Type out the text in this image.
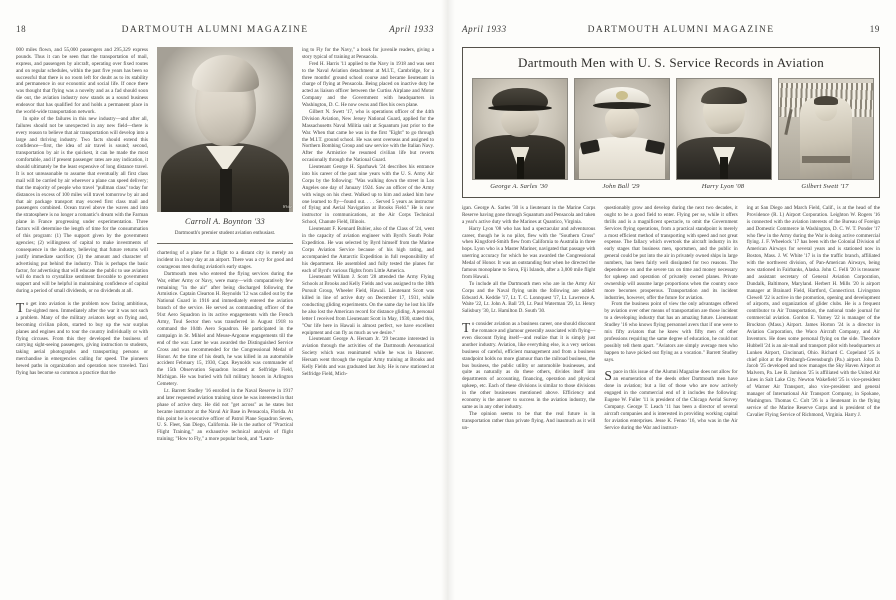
18	DARTMOUTH ALUMNI MAGAZINE	April 1933

000 miles flown, and 55,000 passengers and 295,329 express pounds. Thus it can be seen that the transportation of mail, express, and passengers by aircraft, operating over fixed routes and on regular schedules, within the past five years has been so successful that there is no room left for doubt as to its stability and permanence in our economic and social life. If once there was thought that flying was a novelty and as a fad should soon die out, the aviation industry now stands as a sound business endeavor that has qualified for and holds a permanent place in the world-wide transportation network.

In spite of the failures in this new industry—and after all, failures should not be unexpected in any new field—there is every reason to believe that air transportation will develop into a large and thriving industry. Two facts should extend this confidence—first, the idea of air travel is sound; second, transportation by air is the quickest, it can be made the most comfortable, and if present passenger rates are any indication, it should ultimately be the least expensive of long distance travel. It is not unreasonable to assume that eventually all first class mail will be carried by air wherever a plane can speed delivery; that the majority of people who travel "pullman class" today for distances in excess of 100 miles will travel tomorrow by air and that air package transport may exceed first class mail and passengers combined. Ocean travel above the waves and into the stratosphere is no longer a romantic's dream with the Farman plane in France progressing under experimentation. Three factors will determine the length of time for the consummation of this program: (1) The support given by the government agencies; (2) willingness of capital to make investments of consequence in the industry, believing that future returns will justify immediate sacrifice; (3) the amount and character of advertising put behind the industry. This is perhaps the basic factor, for advertising that will educate the public to use aviation will do much to crystallize sentiment favorable to government support and will be helpful in maintaining confidence of capital during a period of small dividends, or no dividends at all.

To get into aviation is the problem now facing ambitious, far-sighted men. Immediately after the war it was not such a problem. Many of the military aviators kept on flying and, becoming civilian pilots, started to buy up the war surplus planes and engines and to tour the country individually or with flying circuses. From this they developed the business of carrying sight-seeing passengers, giving instruction to students, taking aerial photographs and transporting persons or merchandise in emergencies calling for speed. The pioneers hewed paths in organization and operation now traveled. Taxi flying has become so common a practice that the

White
Carroll A. Boynton '33
Dartmouth's premier student aviation enthusiast.

chartering of a plane for a flight to a distant city is merely an incident in a busy day at an airport. There was a cry for good and courageous men during aviation's early stages.

Dartmouth men who entered the flying services during the War, either Army or Navy, were many—with comparatively few remaining "in the air" after being discharged following the Armistice. Captain Clearton H. Reynolds '12 was called out by the National Guard in 1916 and immediately entered the aviation branch of the service. He served as commanding officer of the 91st Aero Squadron in its active engagements with the French Army, Toul Sector then was transferred in August 1918 to command the 104th Aero Squadron. He participated in the campaign in St. Mihiel and Meuse-Argonne engagements till the end of the war. Later he was awarded the Distinguished Service Cross and was recommended for the Congressional Medal of Honor. At the time of his death, he was killed in an automobile accident February 15, 1930, Capt. Reynolds was commander of the 15th Observation Squadron located at Selfridge Field, Michigan. He was buried with full military honors in Arlington Cemetery.

Lt. Barrett Studley '16 enrolled in the Naval Reserve in 1917 and later requested aviation training since he was interested in that phase of active duty. He did not "get across" as he states but became instructor at the Naval Air Base in Pensacola, Florida. At this point he is executive officer of Patrol Plane Squadron Seven, U. S. Fleet, San Diego, California. He is the author of "Practical Flight Training," an exhaustive technical analysis of flight training; "How to Fly," a more popular book, and "Learn-

ing to Fly for the Navy," a book for juvenile readers, giving a story typical of training at Pensacola.

Fred H. Harris '11 applied to the Navy in 1918 and was sent to the Naval Aviation detachment at M.I.T., Cambridge, for a three months' ground school course and became lieutenant in charge of flying at Pensacola. Being placed on inactive duty he acted as liaison officer between the Curtiss Airplane and Motor Company and the Government with headquarters in Washington, D. C. He now owns and flies his own plane.

Gilbert N. Swett '17, who is operations officer of the 44th Division Aviation, New Jersey National Guard, applied for the Massachusetts Naval Militia unit at Squantum just prior to the War. When that came he was in the first "Eight" to go through the M.I.T. ground school. He was sent overseas and assigned to Northern Bombing Group and saw service with the Italian Navy. After the Armistice he resumed civilian life but reverts occasionally through the National Guard.

Lieutenant George H. Sparhawk '24 describes his entrance into his career of the past nine years with the U. S. Army Air Corps by the following: "Was walking down the street in Los Angeles one day of January 1924. Saw an officer of the Army with wings on his chest. Walked up to him and asked him how one learned to fly—found out. . . . Served 5 years as instructor of flying and Aerial Navigation at Brooks Field." He is now instructor in communications, at the Air Corps Technical School, Chanute Field, Illinois.

Lieutenant F. Kennard Bubier, also of the Class of '24, went in the capacity of aviation engineer with Byrd's South Polar Expedition. He was selected by Byrd himself from the Marine Corps Aviation Service because of his high rating, and accompanied the Antarctic Expedition in full responsibility of his department. He assembled and fully tested the planes for each of Byrd's various flights from Little America.

Lieutenant William J. Scott '28 attended the Army Flying Schools at Brooks and Kelly Fields and was assigned to the 18th Pursuit Group, Wheeler Field, Hawaii. Lieutenant Scott was killed in line of active duty on December 17, 1931, while conducting gliding experiments. On the same day he lost his life he also lost the American record for distance gliding. A personal letter I received from Lieutenant Scott in May, 1930, stated this, "Our life here in Hawaii is almost perfect, we have excellent equipment and can fly as much as we desire."

Lieutenant George A. Hersam Jr. '29 became interested in aviation through the activities of the Dartmouth Aeronautical Society which was reanimated while he was in Hanover. Hersam went through the regular Army training at Brooks and Kelly Fields and was graduated last July. He is now stationed at Selfridge Field, Mich-

April 1933	DARTMOUTH ALUMNI MAGAZINE	19
Dartmouth Men with U. S. Service Records in Aviation
George A. Sarles '30	John Ball '29	Harry Lyon '08	Gilbert Swett '17

igan. George A. Sarles '30 is a lieutenant in the Marine Corps Reserve having gone through Squantum and Pensacola and taken a year's active duty with the Marines at Quantico, Virginia.

Harry Lyon '08 who has had a spectacular and adventurous career, though he is no pilot, flew with the "Southern Cross" when Kingsford-Smith flew from California to Australia in three hops. Lyon who is a Master Mariner, navigated that passage with unerring accuracy for which he was awarded the Congressional Medal of Honor. It was an outstanding feat when he directed the famous monoplane to Suva, Fiji Islands, after a 3,000 mile flight from Hawaii.

To include all the Dartmouth men who are in the Army Air Corps and the Naval flying units the following are added: Edward A. Keddie '17, Lt. T. C. Lonnquest '17, Lt. Lawrence A. Waite '22, Lt. John A. Ball '29, Lt. Paul Waterman '29, Lt. Henry Salisbury '30, Lt. Hamilton D. South '30.

To consider aviation as a business career, one should discount the romance and glamour generally associated with flying—even discount flying itself—and realize that it is simply just another industry. Aviation, like everything else, is a very serious business of careful, efficient management and from a business standpoint holds no more glamour than the railroad business, the bus business, the public utility or automobile businesses, and quite as naturally as do these others, divides itself into departments of accounting, financing, operation and physical upkeep, etc. Each of these divisions is similar to those divisions in the other businesses mentioned above. Efficiency and economy is the answer to success in the aviation industry, the same as in any other industry.

The opinion seems to be that the real future is in transportation rather than private flying. And inasmuch as it will un-

questionably grow and develop during the next two decades, it ought to be a good field to enter. Flying per se, while it offers thrills and is a magnificent spectacle, to omit the Government Services flying operations, from a practical standpoint is merely a most efficient method of transporting with speed and not great expense. The fallacy which overtook the aircraft industry in its early stages that business men, sportsmen, and the public in general could be put into the air in privately owned ships in large numbers, has been fairly well dissipated for two reasons. The dependence on and the severe tax on time and money necessary for upkeep and operation of privately owned planes. Private ownership will assume large proportions when the country once more becomes prosperous. Transportation and its incident industries, however, offer the future for aviation.

From the business point of view the only advantages offered by aviation over other means of transportation are those incident to a developing industry that has an amazing future. Lieutenant Studley '16 who knows flying personnel avers that if one were to mix fifty aviators that he knew with fifty men of other professions requiring the same degree of education, he could not possibly tell them apart. "Aviators are simply average men who happen to have picked out flying as a vocation." Barrett Studley says.

Space in this issue of the Alumni Magazine does not allow for an enumeration of the deeds other Dartmouth men have done in aviation; but a list of those who are now actively engaged in the commercial end of it includes the following: Eugene W. Fuller '11 is president of the Chicago Aerial Survey Company. George T. Leach '11 has been a director of several aircraft companies and is interested in providing working capital for aviation enterprises. Jesse K. Fenno '16, who was in the Air Service during the War and instruct-

ing at San Diego and March Field, Calif., is at the head of the Providence (R. I.) Airport Corporation. Leighton W. Rogers '16 is connected with the aviation interests of the Bureau of Foreign and Domestic Commerce in Washington, D. C. W. T. Ponder '17 who flew in the Army during the War is doing active commercial flying. J. F. Wheelock '17 has been with the Colonial Division of American Airways for several years and is stationed now in Boston, Mass. J. W. White '17 is in the traffic branch, affiliated with the northwest division, of Pan-American Airways, being now stationed in Fairbanks, Alaska. John C. Felli '20 is treasurer and assistant secretary of General Aviation Corporation, Dundalk, Baltimore, Maryland. Herbert H. Mills '20 is airport manager at Brainard Field, Hartford, Connecticut. Livingston Clewell '22 is active in the promotion, opening and development of airports, and organization of glider clubs. He is a frequent contributor to Air Transportation, the national trade journal for commercial aviation. Gordon E. Varney '22 is manager of the Brockton (Mass.) Airport. James Horton '24 is a director in Aviation Corporation, the Waco Aircraft Company, and Air Inventors. He does some personal flying on the side. Theodore Hubbell '24 is an air-mail and transport pilot with headquarters at Lunken Airport, Cincinnati, Ohio. Richard C. Copeland '25 is chief pilot at the Pittsburgh-Greensburgh (Pa.) airport. John D. Jacob '25 developed and now manages the Sky Haven Airport at Malvern, Pa. Lee B. Jamison '25 is affiliated with the United Air Lines in Salt Lake City. Newton Wakefield '25 is vice-president of Warner Air Transport, also vice-president and general manager of International Air Transport Company, in Spokane, Washington. Thomas C. Colt '26 is a lieutenant in the flying service of the Marine Reserve Corps and is president of the Cavalier Flying Service of Richmond, Virginia. Harry J.
